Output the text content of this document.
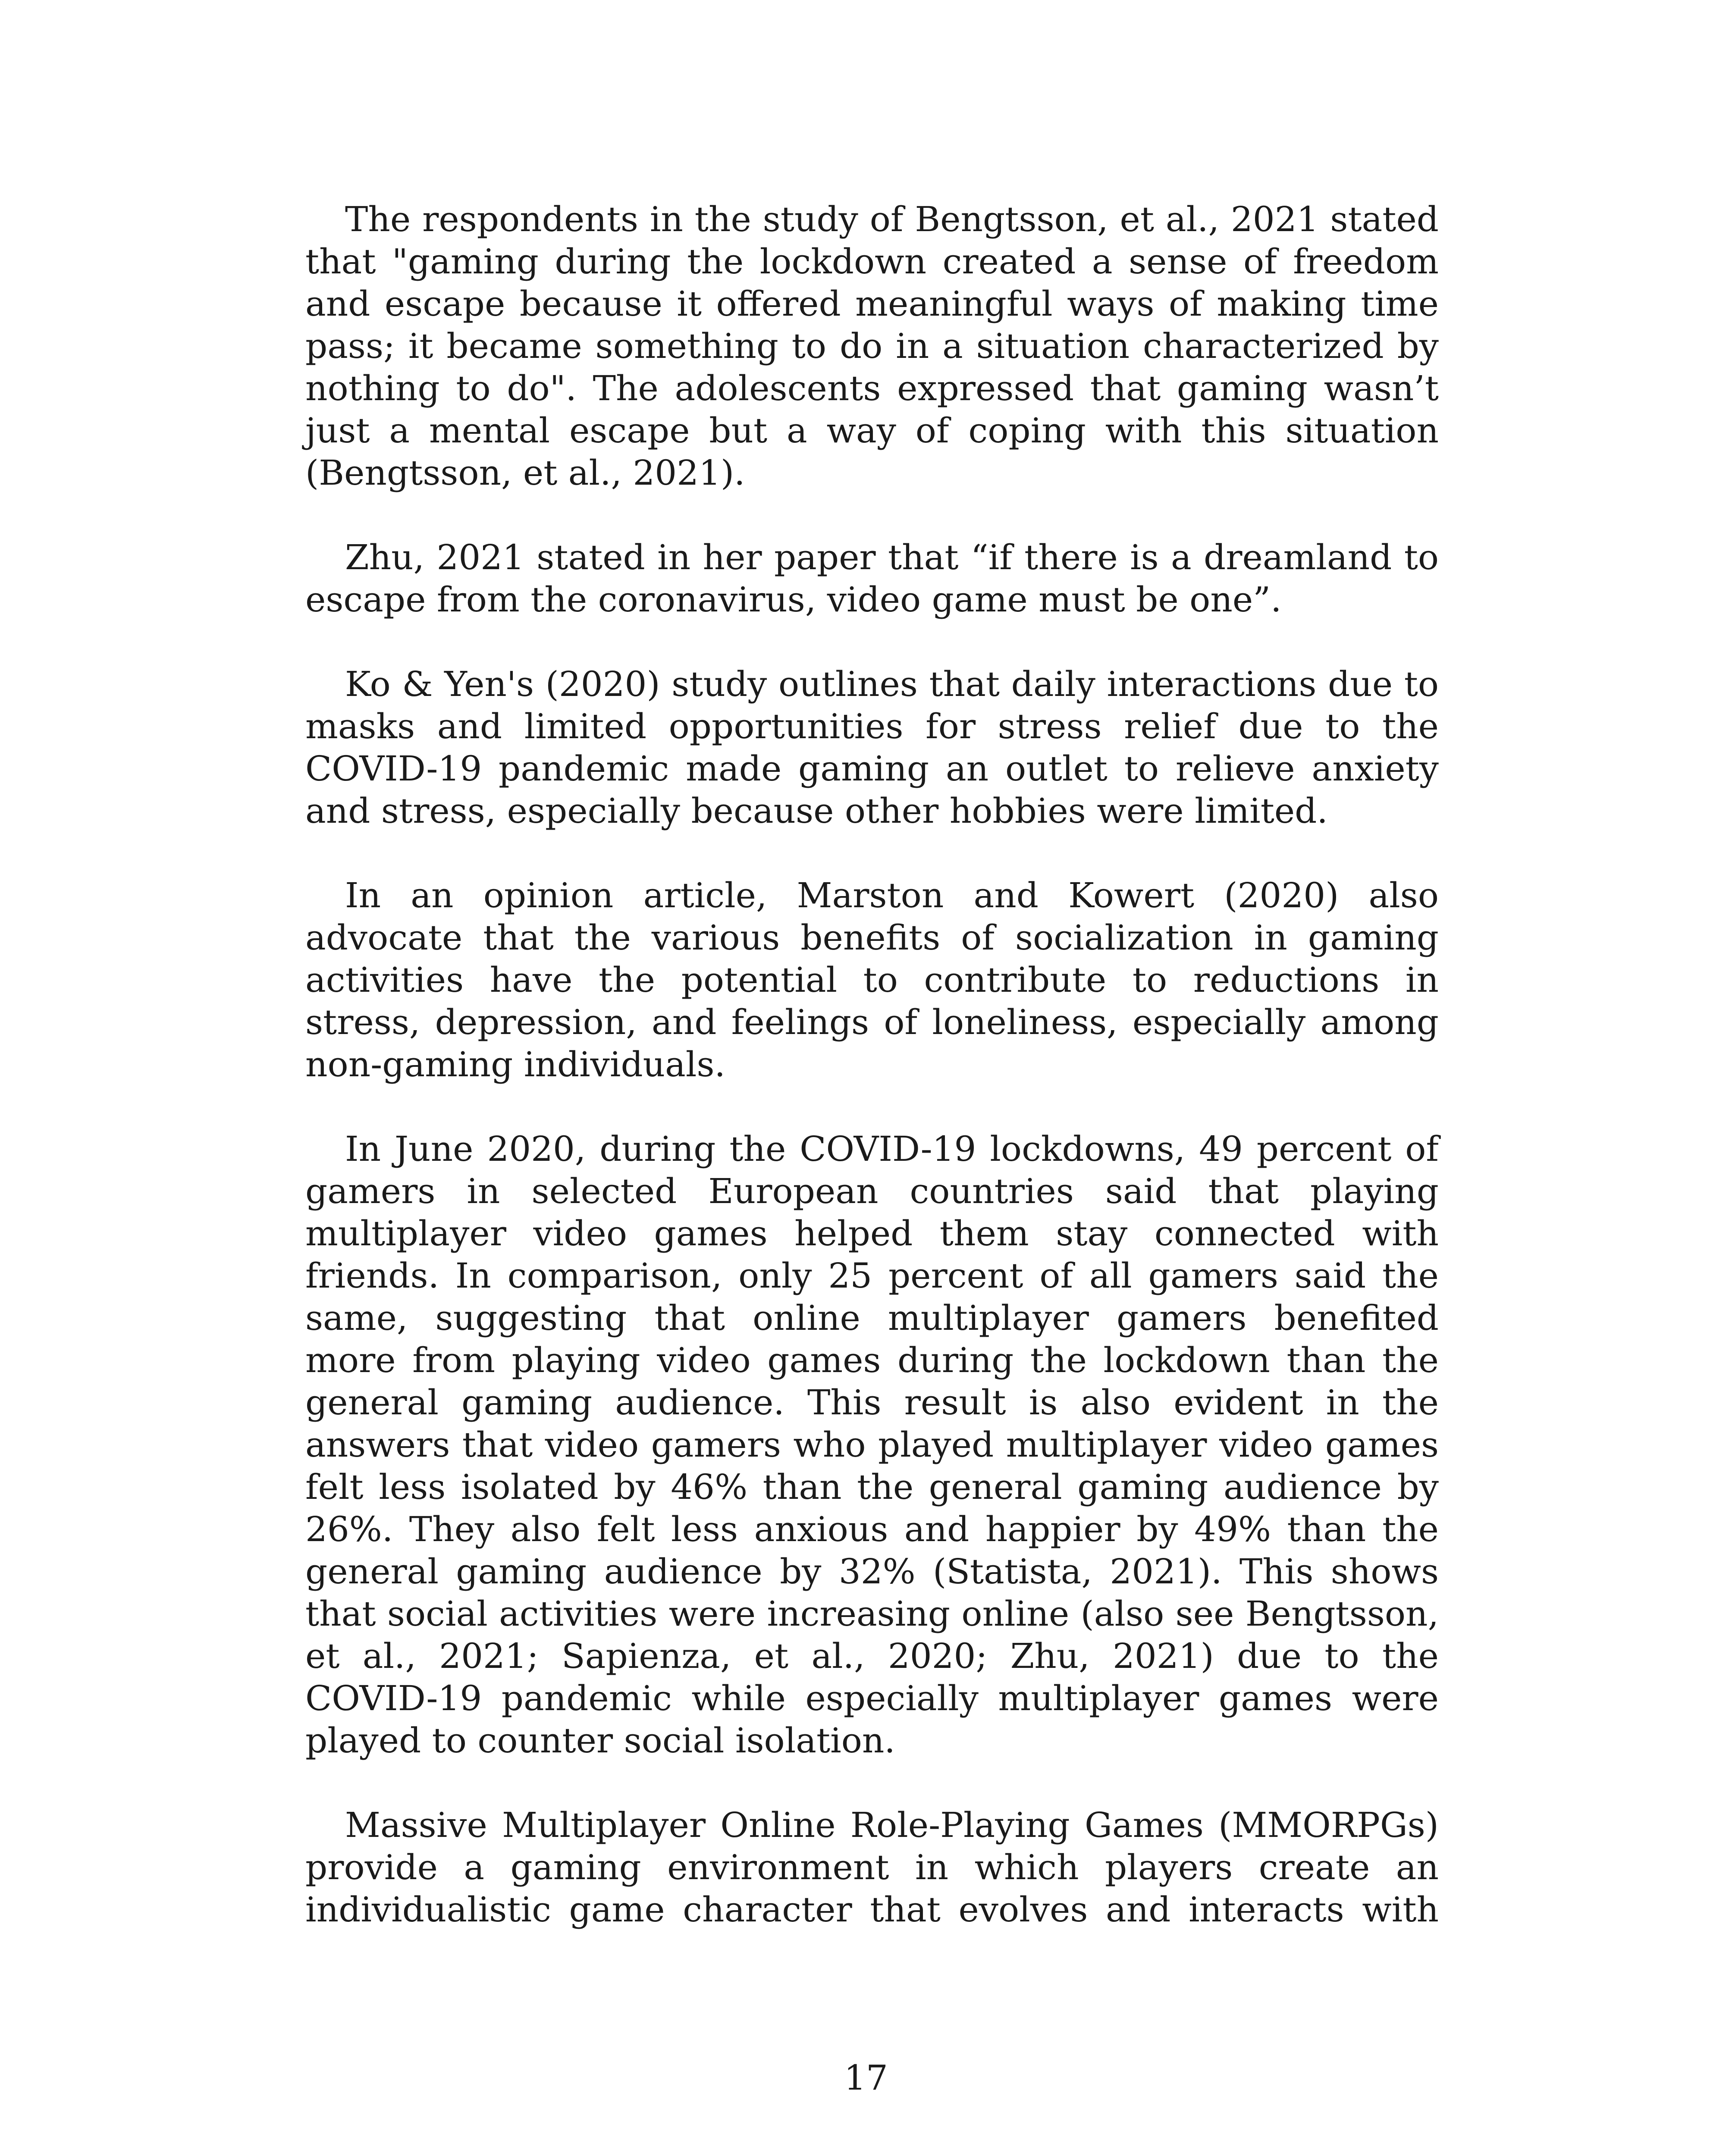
The respondents in the study of Bengtsson, et al., 2021 stated that "gaming during the lockdown created a sense of freedom and escape because it offered meaningful ways of making time pass; it became something to do in a situation characterized by nothing to do". The adolescents expressed that gaming wasn’t just a mental escape but a way of coping with this situation (Bengtsson, et al., 2021).

Zhu, 2021 stated in her paper that “if there is a dreamland to escape from the coronavirus, video game must be one”.

Ko & Yen's (2020) study outlines that daily interactions due to masks and limited opportunities for stress relief due to the COVID-19 pandemic made gaming an outlet to relieve anxiety and stress, especially because other hobbies were limited.

In an opinion article, Marston and Kowert (2020) also advocate that the various benefits of socialization in gaming activities have the potential to contribute to reductions in stress, depression, and feelings of loneliness, especially among non-gaming individuals.

In June 2020, during the COVID-19 lockdowns, 49 percent of gamers in selected European countries said that playing multiplayer video games helped them stay connected with friends. In comparison, only 25 percent of all gamers said the same, suggesting that online multiplayer gamers benefited more from playing video games during the lockdown than the general gaming audience. This result is also evident in the answers that video gamers who played multiplayer video games felt less isolated by 46% than the general gaming audience by 26%. They also felt less anxious and happier by 49% than the general gaming audience by 32% (Statista, 2021). This shows that social activities were increasing online (also see Bengtsson, et al., 2021; Sapienza, et al., 2020; Zhu, 2021) due to the COVID-19 pandemic while especially multiplayer games were played to counter social isolation.

Massive Multiplayer Online Role-Playing Games (MMORPGs) provide a gaming environment in which players create an individualistic game character that evolves and interacts with

17
